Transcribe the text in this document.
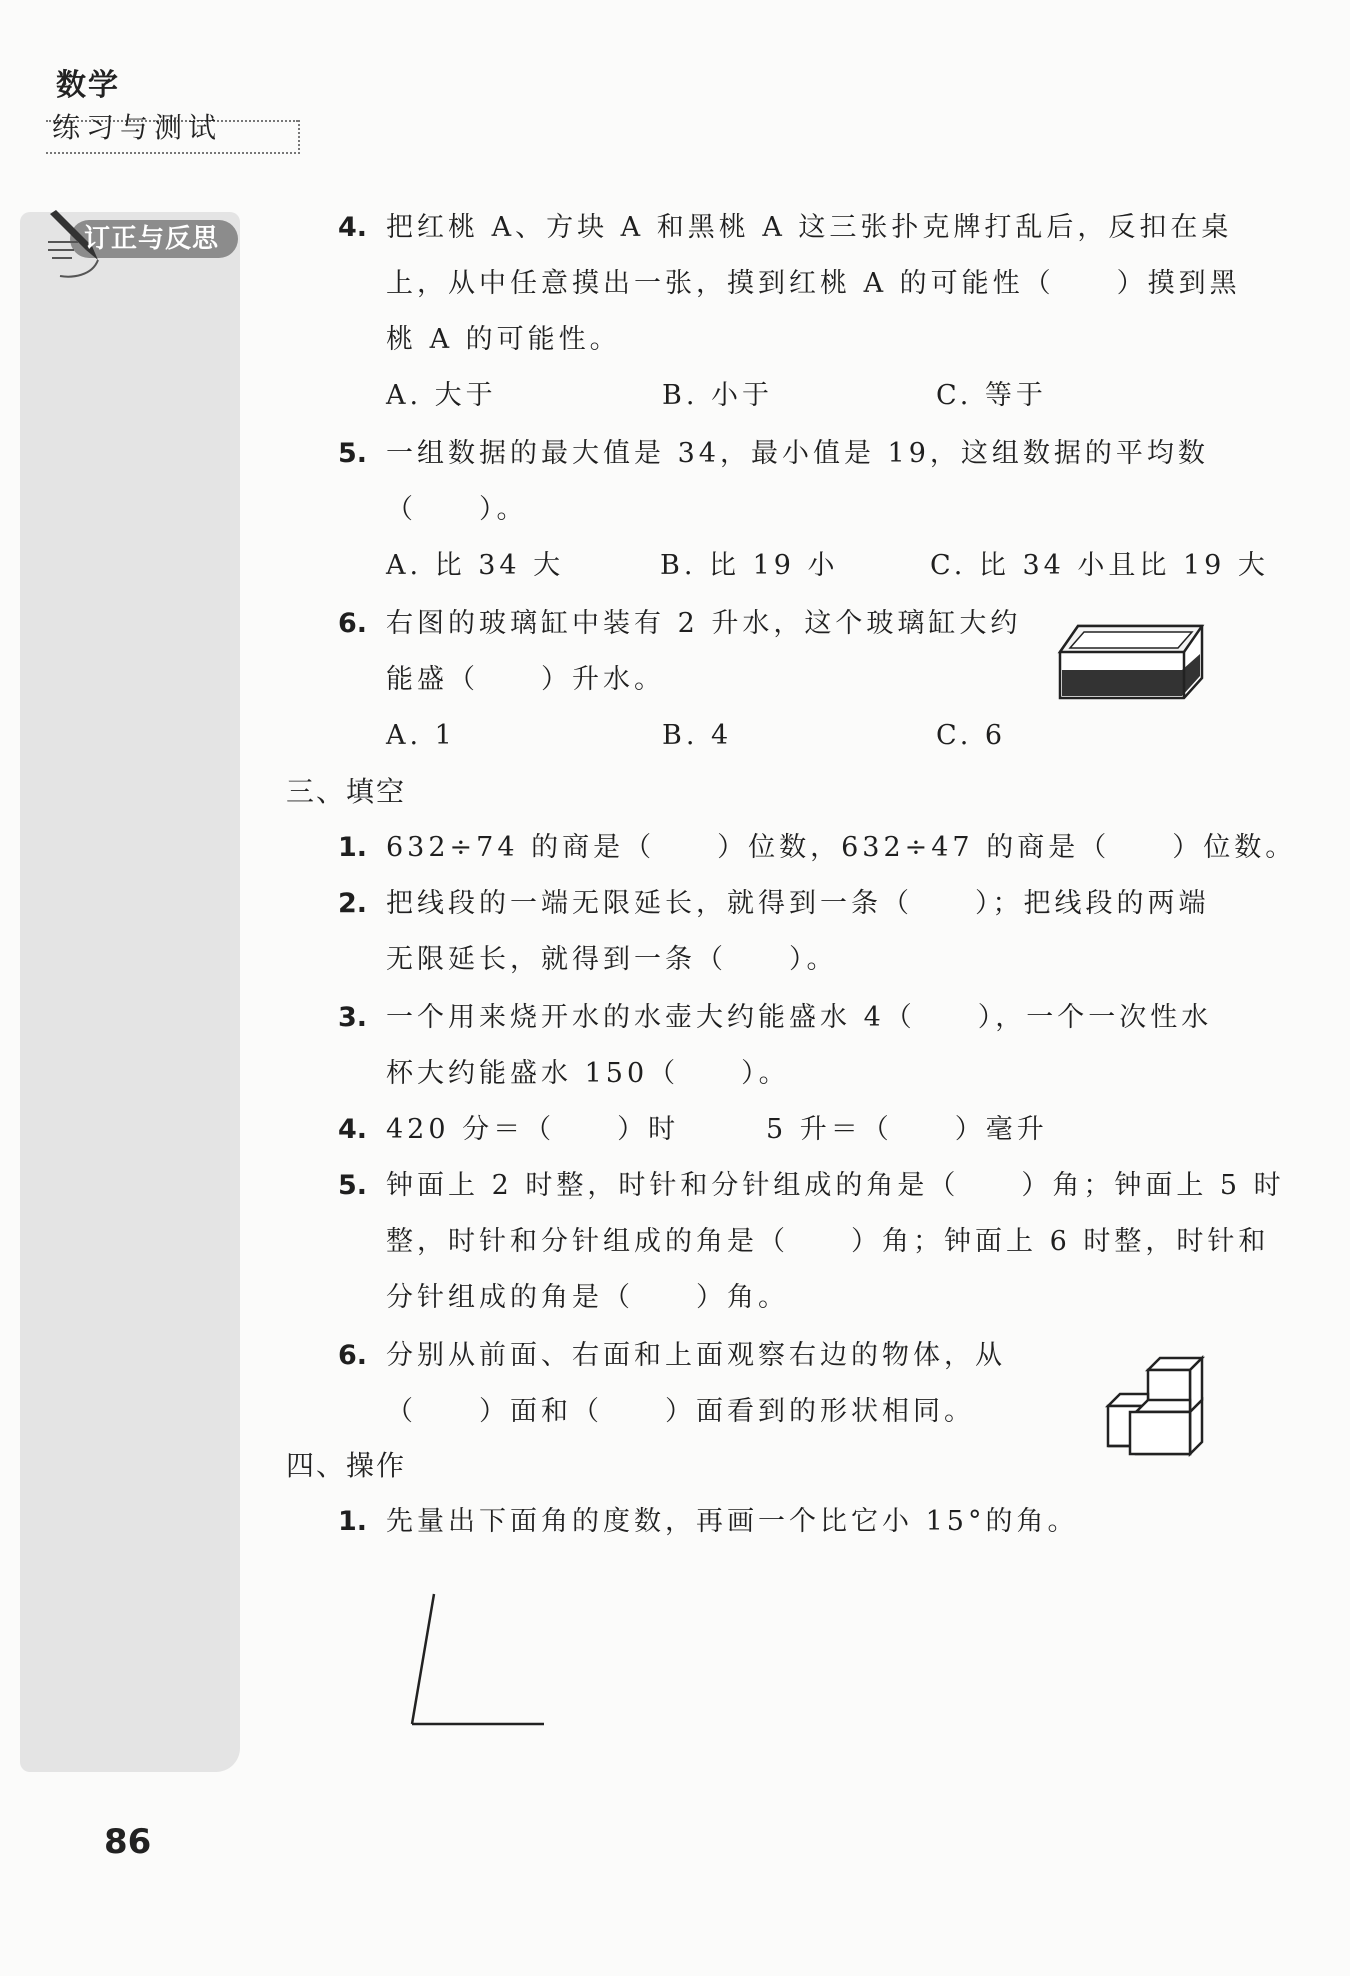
数学
练习与测试
订正与反思	4. 把红桃 A、方块 A 和黑桃 A 这三张扑克牌打乱后，反扣在桌
上，从中任意摸出一张，摸到红桃 A 的可能性（　　）摸到黑
桃 A 的可能性。
A. 大于	B. 小于	C. 等于
5. 一组数据的最大值是 34，最小值是 19，这组数据的平均数
（　　）。
A. 比 34 大	B. 比 19 小	C. 比 34 小且比 19 大
6. 右图的玻璃缸中装有 2 升水，这个玻璃缸大约
能盛（　　）升水。
A. 1	B. 4	C. 6
三、填空
1. 632÷74 的商是（　　）位数，632÷47 的商是（　　）位数。
2. 把线段的一端无限延长，就得到一条（　　）；把线段的两端
无限延长，就得到一条（　　）。
3. 一个用来烧开水的水壶大约能盛水 4（　　），一个一次性水
杯大约能盛水 150（　　）。
4. 420 分＝（　　）时	5 升＝（　　）毫升
5. 钟面上 2 时整，时针和分针组成的角是（　　）角；钟面上 5 时
整，时针和分针组成的角是（　　）角；钟面上 6 时整，时针和
分针组成的角是（　　）角。
6. 分别从前面、右面和上面观察右边的物体，从
（　　）面和（　　）面看到的形状相同。
四、操作
1. 先量出下面角的度数，再画一个比它小 15°的角。
86
